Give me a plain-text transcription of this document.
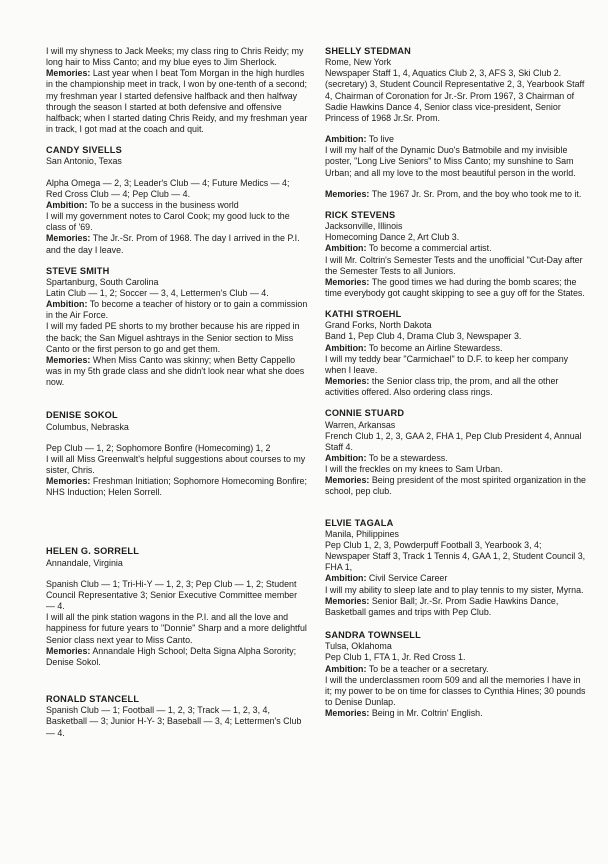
I will my shyness to Jack Meeks; my class ring to Chris Reidy; my long hair to Miss Canto; and my blue eyes to Jim Sherlock.

Memories: Last year when I beat Tom Morgan in the high hurdles in the championship meet in track, I won by one-tenth of a second; my freshman year I started defensive halfback and then halfway through the season I started at both defensive and offensive halfback; when I started dating Chris Reidy, and my freshman year in track, I got mad at the coach and quit.

CANDY SIVELLS
San Antonio, Texas

Alpha Omega — 2, 3; Leader's Club — 4; Future Medics — 4; Red Cross Club — 4; Pep Club — 4.

Ambition: To be a success in the business world

I will my government notes to Carol Cook; my good luck to the class of '69.

Memories: The Jr.-Sr. Prom of 1968. The day I arrived in the P.I. and the day I leave.

STEVE SMITH
Spartanburg, South Carolina

Latin Club — 1, 2; Soccer — 3, 4, Lettermen's Club — 4.

Ambition: To become a teacher of history or to gain a commission in the Air Force.

I will my faded PE shorts to my brother because his are ripped in the back; the San Miguel ashtrays in the Senior section to Miss Canto or the first person to go and get them.

Memories: When Miss Canto was skinny; when Betty Cappello was in my 5th grade class and she didn't look near what she does now.

DENISE SOKOL
Columbus, Nebraska

Pep Club — 1, 2; Sophomore Bonfire (Homecoming) 1, 2

I will all Miss Greenwalt's helpful suggestions about courses to my sister, Chris.

Memories: Freshman Initiation; Sophomore Homecoming Bonfire; NHS Induction; Helen Sorrell.

HELEN G. SORRELL
Annandale, Virginia

Spanish Club — 1; Tri-Hi-Y — 1, 2, 3; Pep Club — 1, 2; Student Council Representative 3; Senior Executive Committee member — 4.

I will all the pink station wagons in the P.I. and all the love and happiness for future years to "Donnie" Sharp and a more delightful Senior class next year to Miss Canto.

Memories: Annandale High School; Delta Signa Alpha Sorority; Denise Sokol.

RONALD STANCELL

Spanish Club — 1; Football — 1, 2, 3; Track — 1, 2, 3, 4, Basketball — 3; Junior H-Y- 3; Baseball — 3, 4; Lettermen's Club — 4.

SHELLY STEDMAN
Rome, New York

Newspaper Staff 1, 4, Aquatics Club 2, 3, AFS 3, Ski Club 2. (secretary) 3, Student Council Representative 2, 3, Yearbook Staff 4, Chairman of Coronation for Jr.-Sr. Prom 1967, 3 Chairman of Sadie Hawkins Dance 4, Senior class vice-president, Senior Princess of 1968 Jr.Sr. Prom.

Ambition: To live

I will my half of the Dynamic Duo's Batmobile and my invisible poster, "Long Live Seniors" to Miss Canto; my sunshine to Sam Urban; and all my love to the most beautiful person in the world.

Memories: The 1967 Jr. Sr. Prom, and the boy who took me to it.

RICK STEVENS
Jacksonville, Illinois

Homecoming Dance 2, Art Club 3.

Ambition: To become a commercial artist.

I will Mr. Coltrin's Semester Tests and the unofficial "Cut-Day after the Semester Tests to all Juniors.

Memories: The good times we had during the bomb scares; the time everybody got caught skipping to see a guy off for the States.

KATHI STROEHL
Grand Forks, North Dakota

Band 1, Pep Club 4, Drama Club 3, Newspaper 3.

Ambition: To become an Airline Stewardess.

I will my teddy bear "Carmichael" to D.F. to keep her company when I leave.

Memories: the Senior class trip, the prom, and all the other activities offered. Also ordering class rings.

CONNIE STUARD
Warren, Arkansas

French Club 1, 2, 3, GAA 2, FHA 1, Pep Club President 4, Annual Staff 4.

Ambition: To be a stewardess.

I will the freckles on my knees to Sam Urban.

Memories: Being president of the most spirited organization in the school, pep club.

ELVIE TAGALA
Manila, Philippines

Pep Club 1, 2, 3, Powderpuff Football 3, Yearbook 3, 4; Newspaper Staff 3, Track 1 Tennis 4, GAA 1, 2, Student Council 3, FHA 1,

Ambition: Civil Service Career

I will my ability to sleep late and to play tennis to my sister, Myrna.

Memories: Senior Ball; Jr.-Sr. Prom Sadie Hawkins Dance, Basketball games and trips with Pep Club.

SANDRA TOWNSELL
Tulsa, Oklahoma

Pep Club 1, FTA 1, Jr. Red Cross 1.

Ambition: To be a teacher or a secretary.

I will the underclassmen room 509 and all the memories I have in it; my power to be on time for classes to Cynthia Hines; 30 pounds to Denise Dunlap.

Memories: Being in Mr. Coltrin' English.
